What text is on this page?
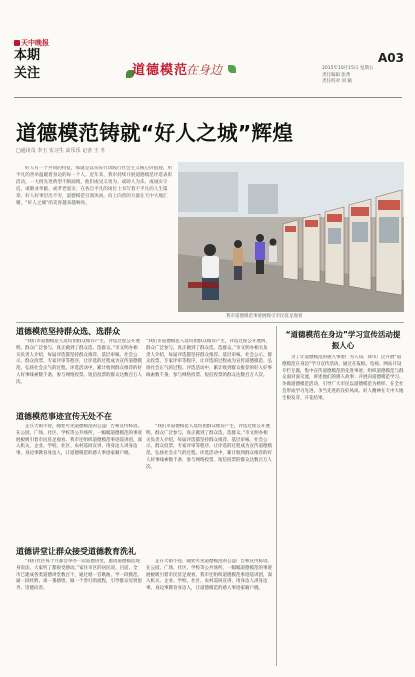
天中晚报
本期
关注	道德模范
在身边
A03
2015年10月15日 星期五
责任编辑 张秀
责任校对 刘 颖
道德模范铸就“好人之城”辉煌
□通讯员 李玉 实习生 高乐乐 记者 王 冬
好人有一个共同的特征，那就是以实际行动践行社会主义核心价值观，用平凡的善举温暖着身边的每一个人。近年来，我市持续开展道德模范评选表彰活动，一大批先进典型不断涌现，他们或见义勇为、或助人为乐、或诚实守信、或敬业奉献、或孝老爱亲，在各自平凡的岗位上书写着不平凡的人生篇章。好人好事层出不穷，道德模范引领风尚，向上向善的力量在天中大地汇聚，“好人之城”的美誉越来越响亮。
我市道德模范事迹展吸引市民驻足观看
道德模范坚持群众选、选群众
“我们市道德模范人选均由群众推荐产生，评选过程公开透明、群众广泛参与，真正做到了群众选、选群众。”市文明办相关负责人介绍，每届评选都坚持群众推荐、基层审核、社会公示、群众投票、专家评审等程序，让评选的过程成为宣传道德模范、弘扬社会正气的过程。评选活动中，累计收到群众推荐的好人好事线索数千条，参与网络投票、短信投票的群众达数百万人次。
“我们市道德模范人选均由群众推荐产生，评选过程公开透明、群众广泛参与，真正做到了群众选、选群众。”市文明办相关负责人介绍，每届评选都坚持群众推荐、基层审核、社会公示、群众投票、专家评审等程序，让评选的过程成为宣传道德模范、弘扬社会正气的过程。评选活动中，累计收到群众推荐的好人好事线索数千条，参与网络投票、短信投票的群众达数百万人次。
道德模范事迹宣传无处不在
走在大街小巷，随处可见道德模范的公益广告和宣传标语。在公园、广场、社区、学校等公共场所，一幅幅道德模范的事迹展板吸引着市民驻足观看。我市还组织道德模范事迹巡讲团，深入机关、企业、学校、社区、农村巡回宣讲，用身边人讲身边事、身边事教育身边人，让道德模范的感人事迹家喻户晓。
“我们市道德模范人选均由群众推荐产生，评选过程公开透明、群众广泛参与，真正做到了群众选、选群众。”市文明办相关负责人介绍，每届评选都坚持群众推荐、基层审核、社会公示、群众投票、专家评审等程序，让评选的过程成为宣传道德模范、弘扬社会正气的过程。评选活动中，累计收到群众推荐的好人好事线索数千条，参与网络投票、短信投票的群众达数百万人次。
道德讲堂让群众接受道德教育洗礼
“我们社区每个月都会举办一次道德讲堂，邀请道德模范现身说法，大家听了都很受感动。”家住市区的居民说。目前，全市已建成各类道德讲堂数百个，通过唱一首歌曲、学一段模范、诵一段经典、谈一番感悟、做一个善行的流程，引导群众见贤思齐、崇德向善。
走在大街小巷，随处可见道德模范的公益广告和宣传标语。在公园、广场、社区、学校等公共场所，一幅幅道德模范的事迹展板吸引着市民驻足观看。我市还组织道德模范事迹巡讲团，深入机关、企业、学校、社区、农村巡回宣讲，用身边人讲身边事、身边事教育身边人，让道德模范的感人事迹家喻户晓。
“道德模范在身边”学习宣传活动提振人心
为了让道德模范的感人事迹广为人知，我市广泛开展“道德模范在身边”学习宣传活动。通过在报纸、电视、网站开设专栏专题，集中宣传道德模范的先进事迹；组织道德模范与群众面对面交流，讲述他们的感人故事；开展向道德模范学习、争做道德模范活动，引导广大市民以道德模范为榜样，在全社会形成学习先进、争当先进的良好风尚。好人精神在天中大地生根发芽、开花结果。
